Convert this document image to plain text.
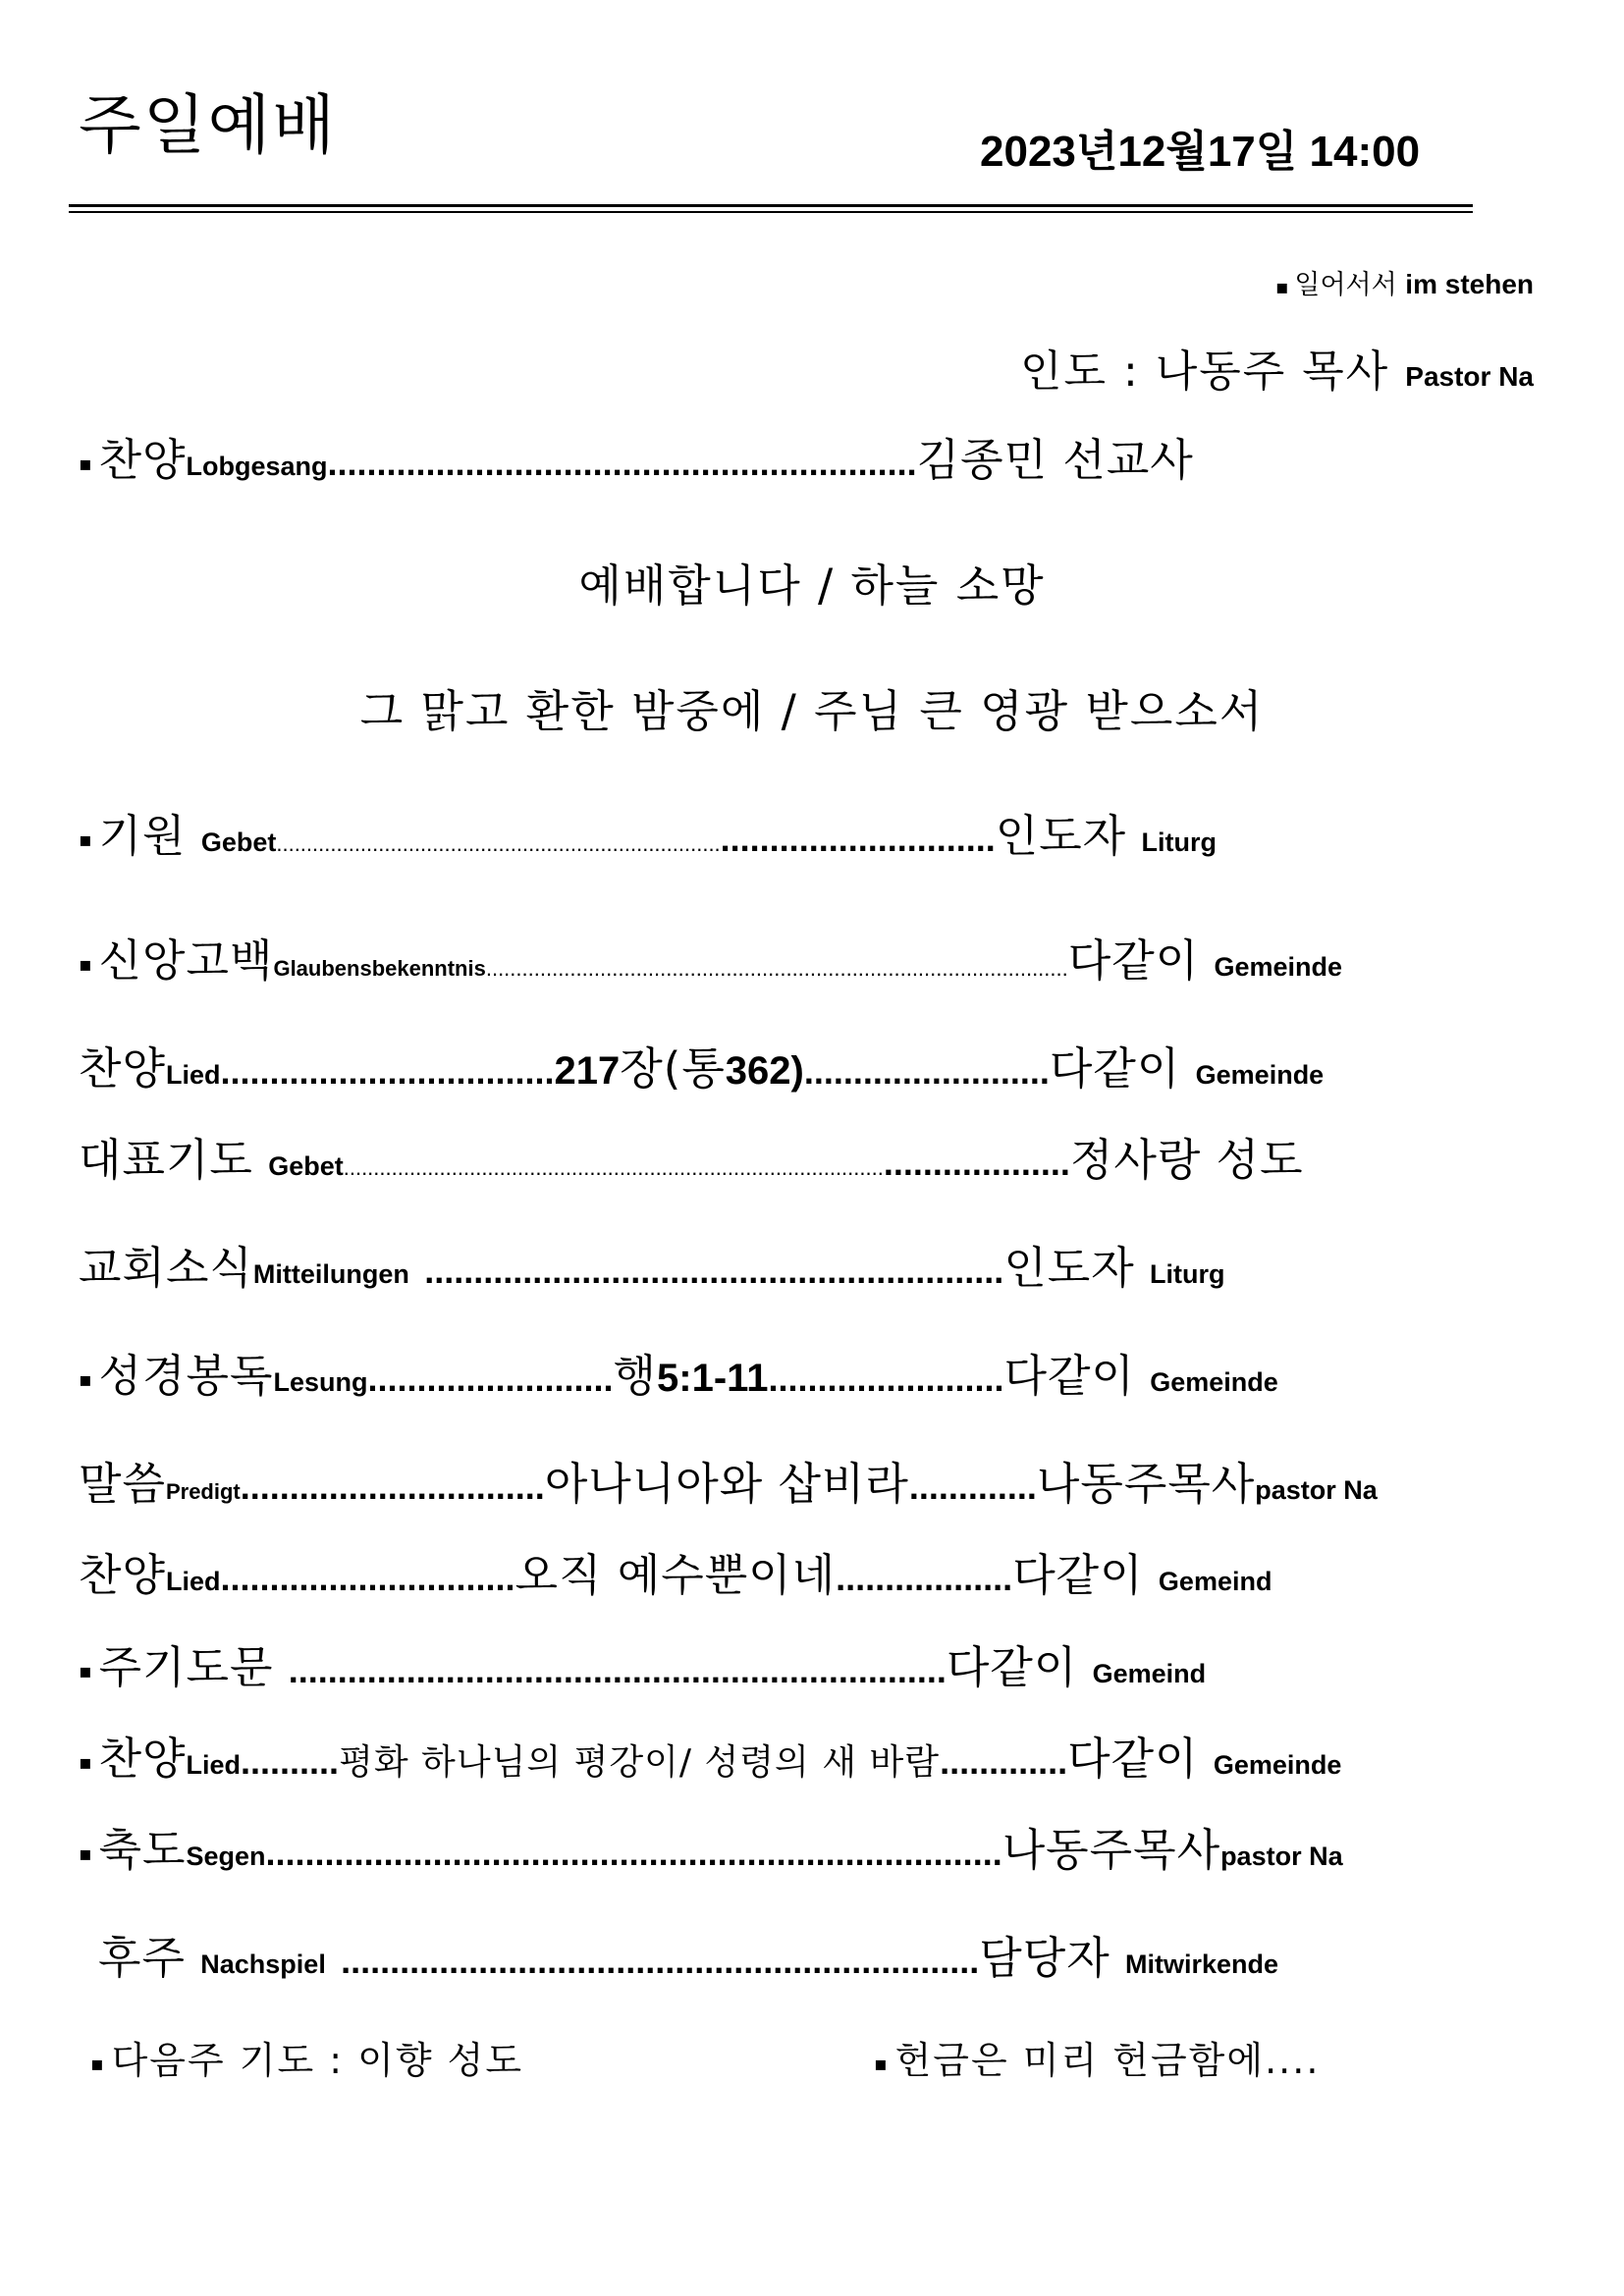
주일예배	2023년12월17일 14:00
▪ 일어서서 im stehen
인도 : 나동주 목사 Pastor Na
▪ 찬양Lobgesang............................................................김종민 선교사
예배합니다 / 하늘 소망
그 맑고 환한 밤중에 / 주님 큰 영광 받으소서
▪ 기원 Gebet......................................................................................................인도자 Liturg
▪ 신앙고백Glaubensbekenntnis.................................................................................................다같이 Gemeinde
찬양Lied..................................217장(통362).........................다같이 Gemeinde
대표기도 Gebet.............................................................................................................정사랑 성도
교회소식Mitteilungen ...........................................................인도자 Liturg
▪ 성경봉독Lesung.........................행5:1-11........................다같이 Gemeinde
말씀Predigt...............................아나니아와 삽비라.............나동주목사pastor Na
찬양Lied..............................오직 예수뿐이네..................다같이 Gemeind
▪ 주기도문 ...................................................................다같이 Gemeind
▪ 찬양Lied..........평화 하나님의 평강이/ 성령의 새 바람.............다같이 Gemeinde
▪ 축도Segen...........................................................................나동주목사pastor Na
후주 Nachspiel .................................................................담당자 Mitwirkende
▪ 다음주 기도 : 이향 성도	▪ 헌금은 미리 헌금함에....
